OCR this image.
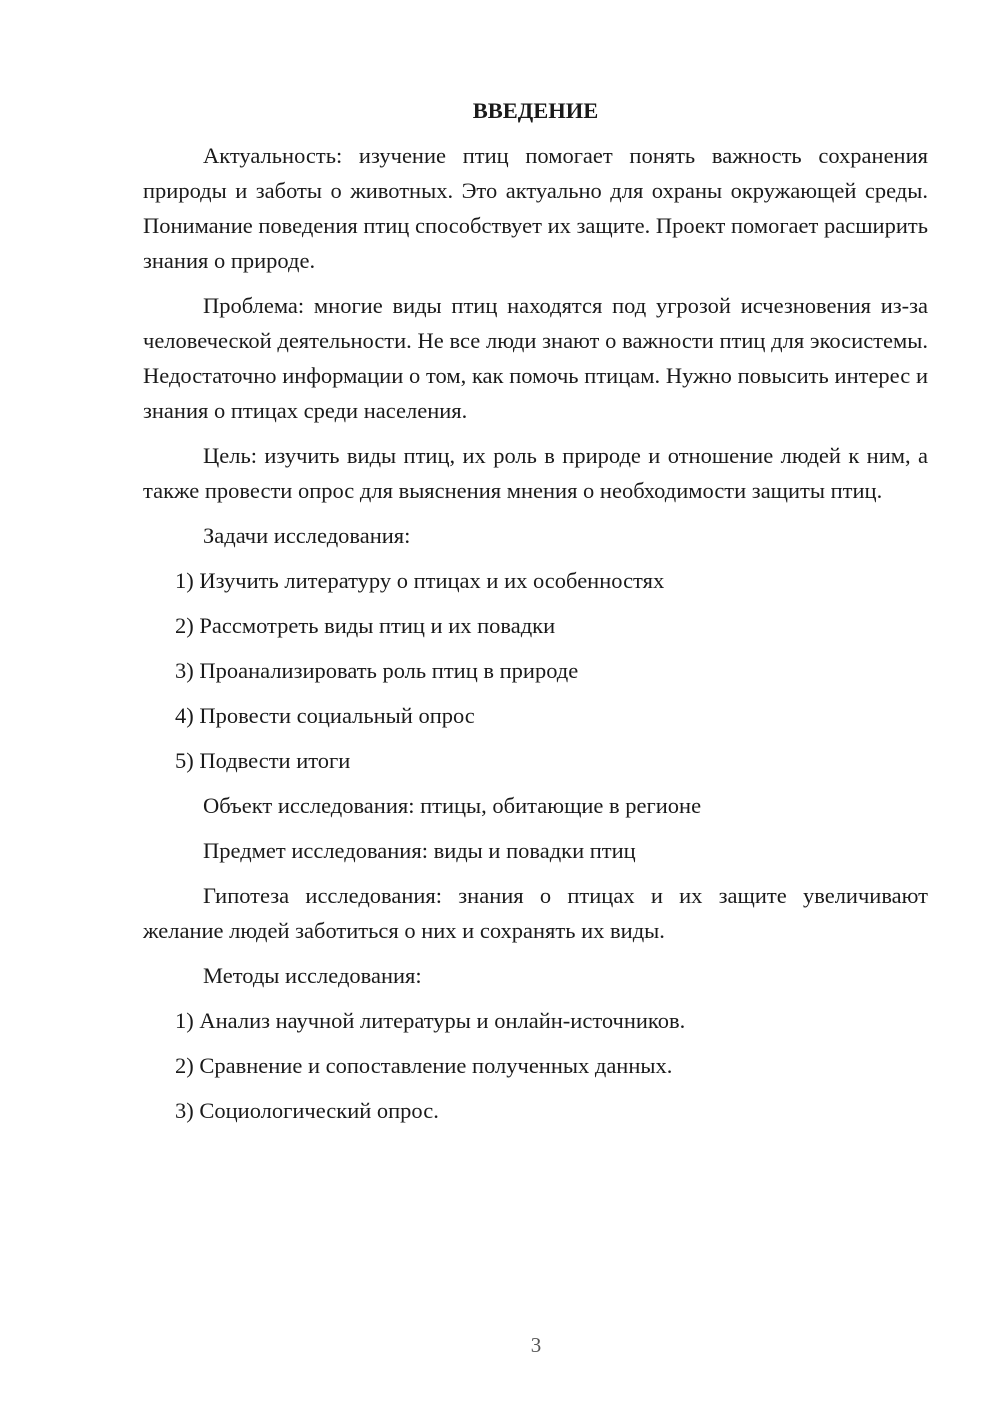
ВВЕДЕНИЕ

Актуальность: изучение птиц помогает понять важность сохранения природы и заботы о животных. Это актуально для охраны окружающей среды. Понимание поведения птиц способствует их защите. Проект помогает расширить знания о природе.

Проблема: многие виды птиц находятся под угрозой исчезновения из-за человеческой деятельности. Не все люди знают о важности птиц для экосистемы. Недостаточно информации о том, как помочь птицам. Нужно повысить интерес и знания о птицах среди населения.

Цель: изучить виды птиц, их роль в природе и отношение людей к ним, а также провести опрос для выяснения мнения о необходимости защиты птиц.

Задачи исследования:

1) Изучить литературу о птицах и их особенностях
2) Рассмотреть виды птиц и их повадки
3) Проанализировать роль птиц в природе
4) Провести социальный опрос
5) Подвести итоги

Объект исследования: птицы, обитающие в регионе

Предмет исследования: виды и повадки птиц

Гипотеза исследования: знания о птицах и их защите увеличивают желание людей заботиться о них и сохранять их виды.

Методы исследования:

1) Анализ научной литературы и онлайн-источников.
2) Сравнение и сопоставление полученных данных.
3) Социологический опрос.
3
